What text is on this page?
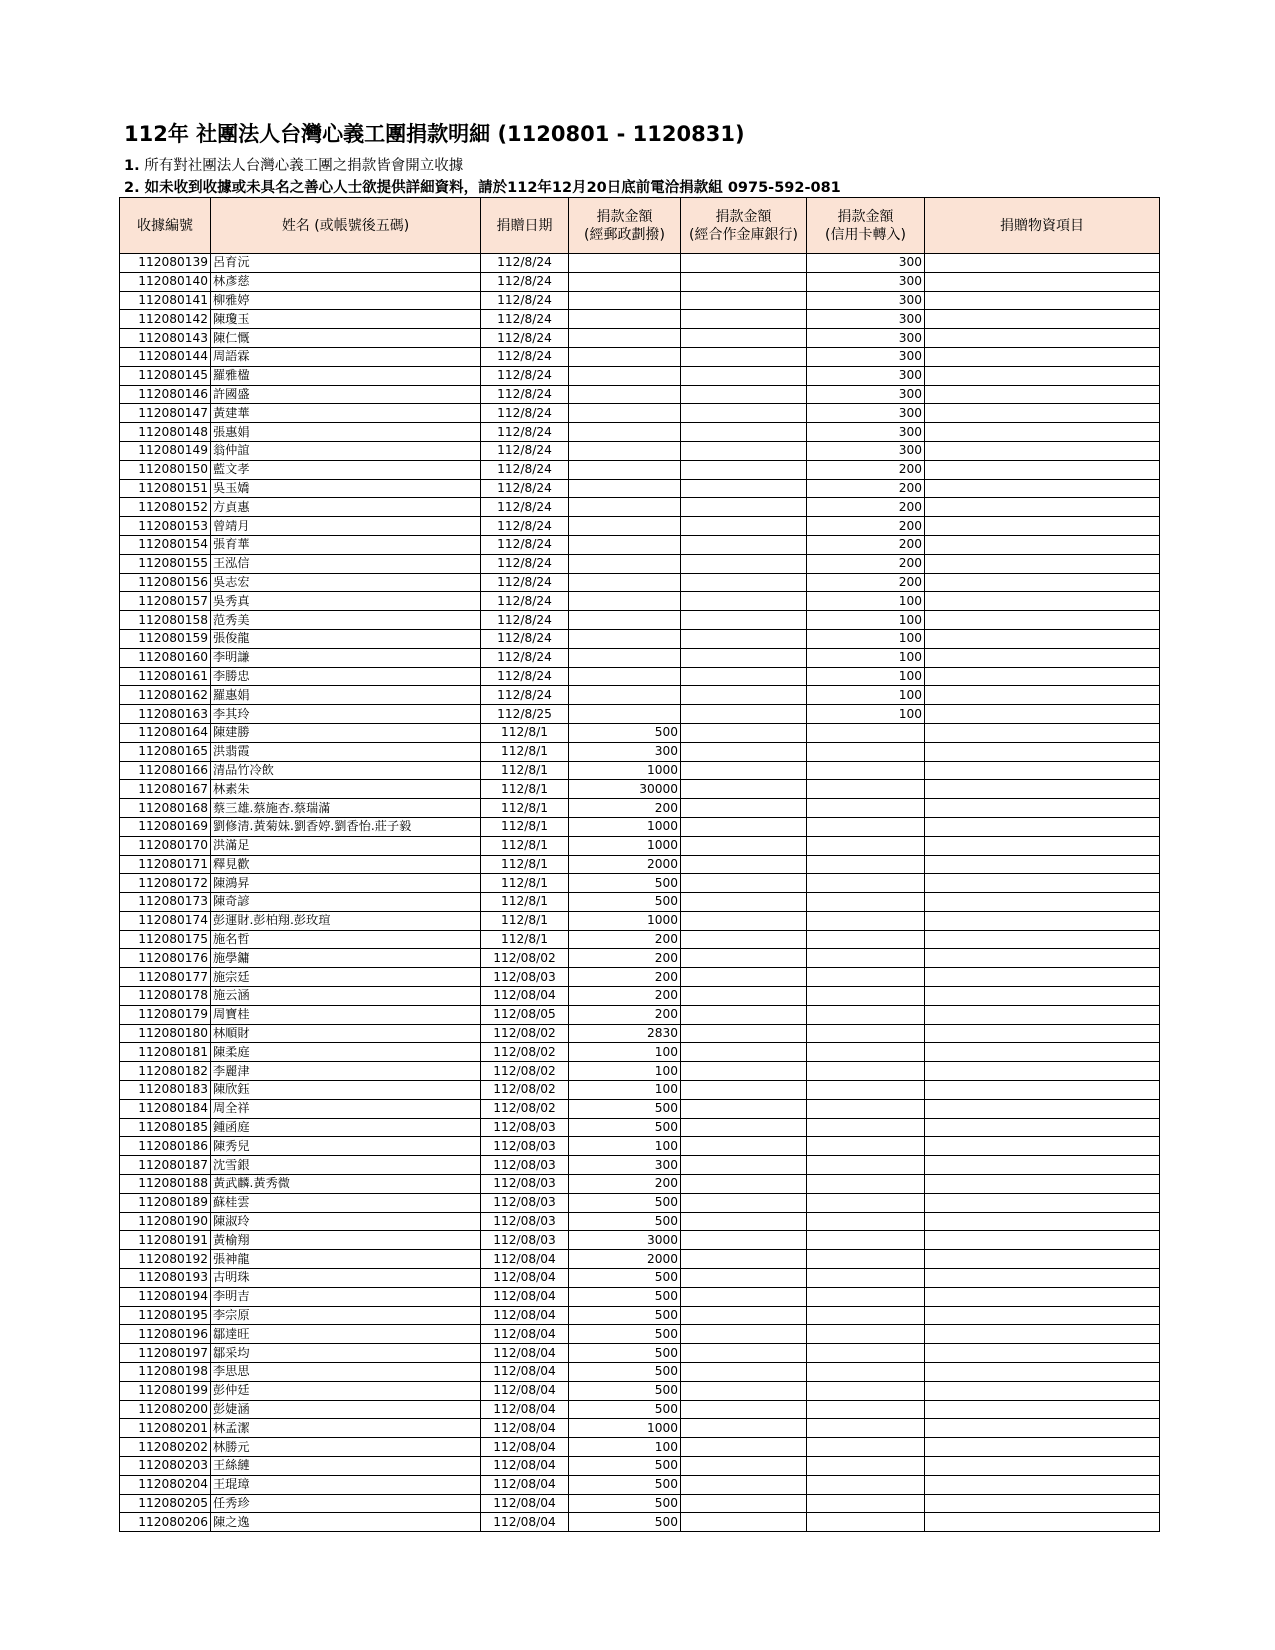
112年 社團法人台灣心義工團捐款明細 (1120801 - 1120831)
1. 所有對社團法人台灣心義工團之捐款皆會開立收據
2. 如未收到收據或未具名之善心人士欲提供詳細資料，請於112年12月20日底前電洽捐款組 0975-592-081
收據編號	姓名 (或帳號後五碼)	捐贈日期	捐款金額
(經郵政劃撥)	捐款金額
(經合作金庫銀行)	捐款金額
(信用卡轉入)	捐贈物資項目
112080139	呂育沅	112/8/24			300	
112080140	林彥慈	112/8/24			300	
112080141	柳雅婷	112/8/24			300	
112080142	陳瓊玉	112/8/24			300	
112080143	陳仁慨	112/8/24			300	
112080144	周語霖	112/8/24			300	
112080145	羅雅楹	112/8/24			300	
112080146	許國盛	112/8/24			300	
112080147	黃建華	112/8/24			300	
112080148	張惠娟	112/8/24			300	
112080149	翁仲誼	112/8/24			300	
112080150	藍文孝	112/8/24			200	
112080151	吳玉嬌	112/8/24			200	
112080152	方貞惠	112/8/24			200	
112080153	曾靖月	112/8/24			200	
112080154	張育華	112/8/24			200	
112080155	王泓信	112/8/24			200	
112080156	吳志宏	112/8/24			200	
112080157	吳秀真	112/8/24			100	
112080158	范秀美	112/8/24			100	
112080159	張俊龍	112/8/24			100	
112080160	李明謙	112/8/24			100	
112080161	李勝忠	112/8/24			100	
112080162	羅惠娟	112/8/24			100	
112080163	李其玲	112/8/25			100	
112080164	陳建勝	112/8/1	500			
112080165	洪翡霞	112/8/1	300			
112080166	清品竹冷飲	112/8/1	1000			
112080167	林素朱	112/8/1	30000			
112080168	蔡三雄.蔡施杏.蔡瑞滿	112/8/1	200			
112080169	劉修清.黃菊妹.劉香婷.劉香怡.莊子毅	112/8/1	1000			
112080170	洪滿足	112/8/1	1000			
112080171	釋見歡	112/8/1	2000			
112080172	陳鴻昇	112/8/1	500			
112080173	陳奇諺	112/8/1	500			
112080174	彭運財.彭柏翔.彭玫瑄	112/8/1	1000			
112080175	施名哲	112/8/1	200			
112080176	施學鏞	112/08/02	200			
112080177	施宗廷	112/08/03	200			
112080178	施云涵	112/08/04	200			
112080179	周寶桂	112/08/05	200			
112080180	林順財	112/08/02	2830			
112080181	陳柔庭	112/08/02	100			
112080182	李麗津	112/08/02	100			
112080183	陳欣鈺	112/08/02	100			
112080184	周全祥	112/08/02	500			
112080185	鍾函庭	112/08/03	500			
112080186	陳秀兒	112/08/03	100			
112080187	沈雪銀	112/08/03	300			
112080188	黃武麟.黃秀微	112/08/03	200			
112080189	蘇桂雲	112/08/03	500			
112080190	陳淑玲	112/08/03	500			
112080191	黃榆翔	112/08/03	3000			
112080192	張神龍	112/08/04	2000			
112080193	古明珠	112/08/04	500			
112080194	李明吉	112/08/04	500			
112080195	李宗原	112/08/04	500			
112080196	鄒達旺	112/08/04	500			
112080197	鄒采均	112/08/04	500			
112080198	李思思	112/08/04	500			
112080199	彭仲廷	112/08/04	500			
112080200	彭婕涵	112/08/04	500			
112080201	林孟潔	112/08/04	1000			
112080202	林勝元	112/08/04	100			
112080203	王絲縺	112/08/04	500			
112080204	王琨璋	112/08/04	500			
112080205	任秀珍	112/08/04	500			
112080206	陳之逸	112/08/04	500			
